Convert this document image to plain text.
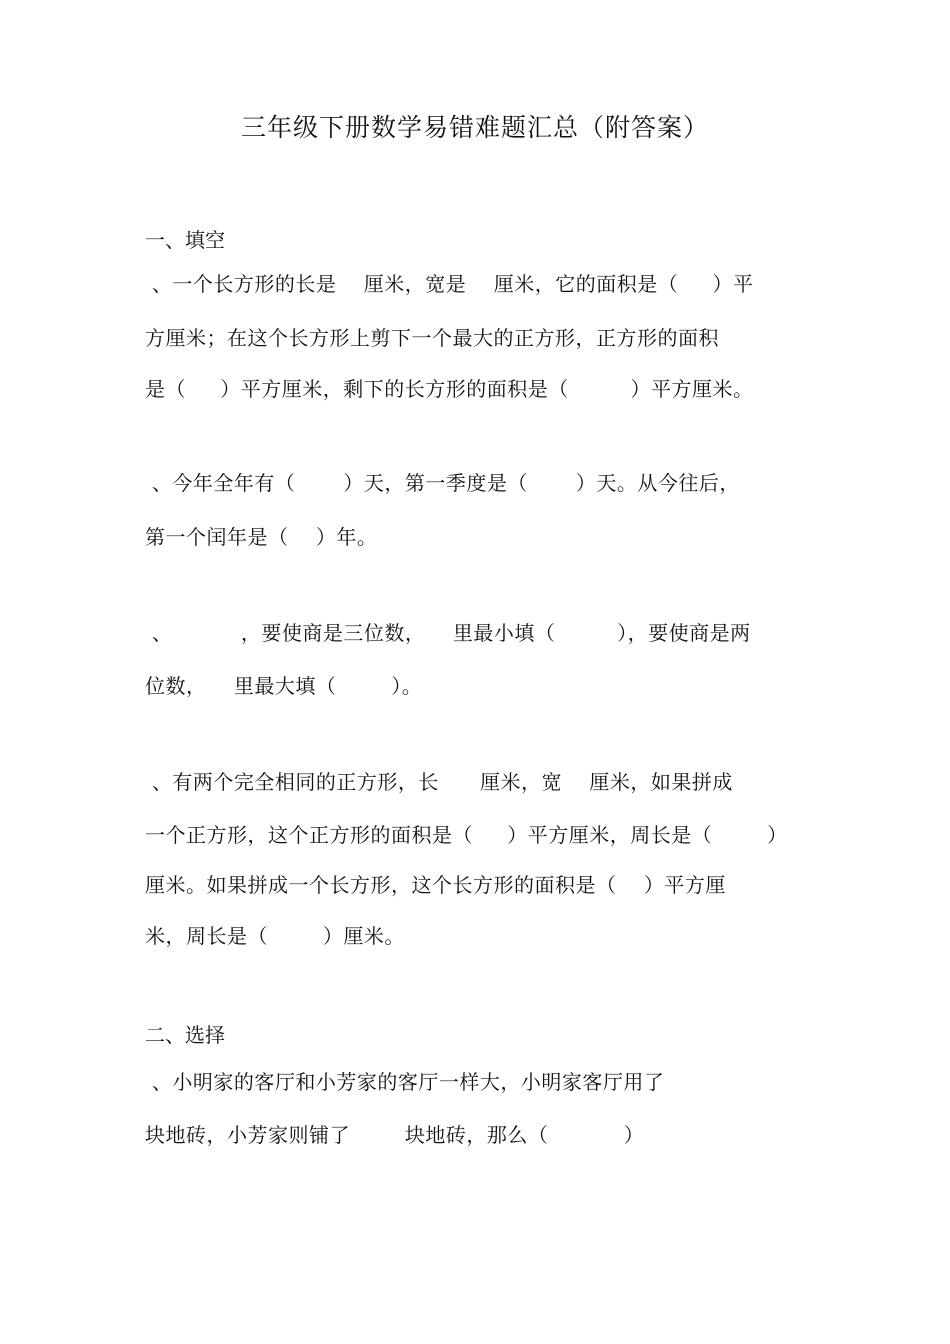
三年级下册数学易错难题汇总（附答案）
一、填空
、一个长方形的长是    厘米，宽是    厘米，它的面积是（     ）平
方厘米；在这个长方形上剪下一个最大的正方形，正方形的面积
是（     ）平方厘米，剩下的长方形的面积是（         ）平方厘米。
、今年全年有（       ）天，第一季度是（       ）天。从今往后，
第一个闰年是（    ）年。
、          ，要使商是三位数，    里最小填（         ），要使商是两
位数，    里最大填（        ）。
、有两个完全相同的正方形，长      厘米，宽    厘米，如果拼成
一个正方形，这个正方形的面积是（     ）平方厘米，周长是（        ）
厘米。如果拼成一个长方形，这个长方形的面积是（    ）平方厘
米，周长是（        ）厘米。
二、选择
、小明家的客厅和小芳家的客厅一样大，小明家客厅用了
块地砖，小芳家则铺了        块地砖，那么（           ）
